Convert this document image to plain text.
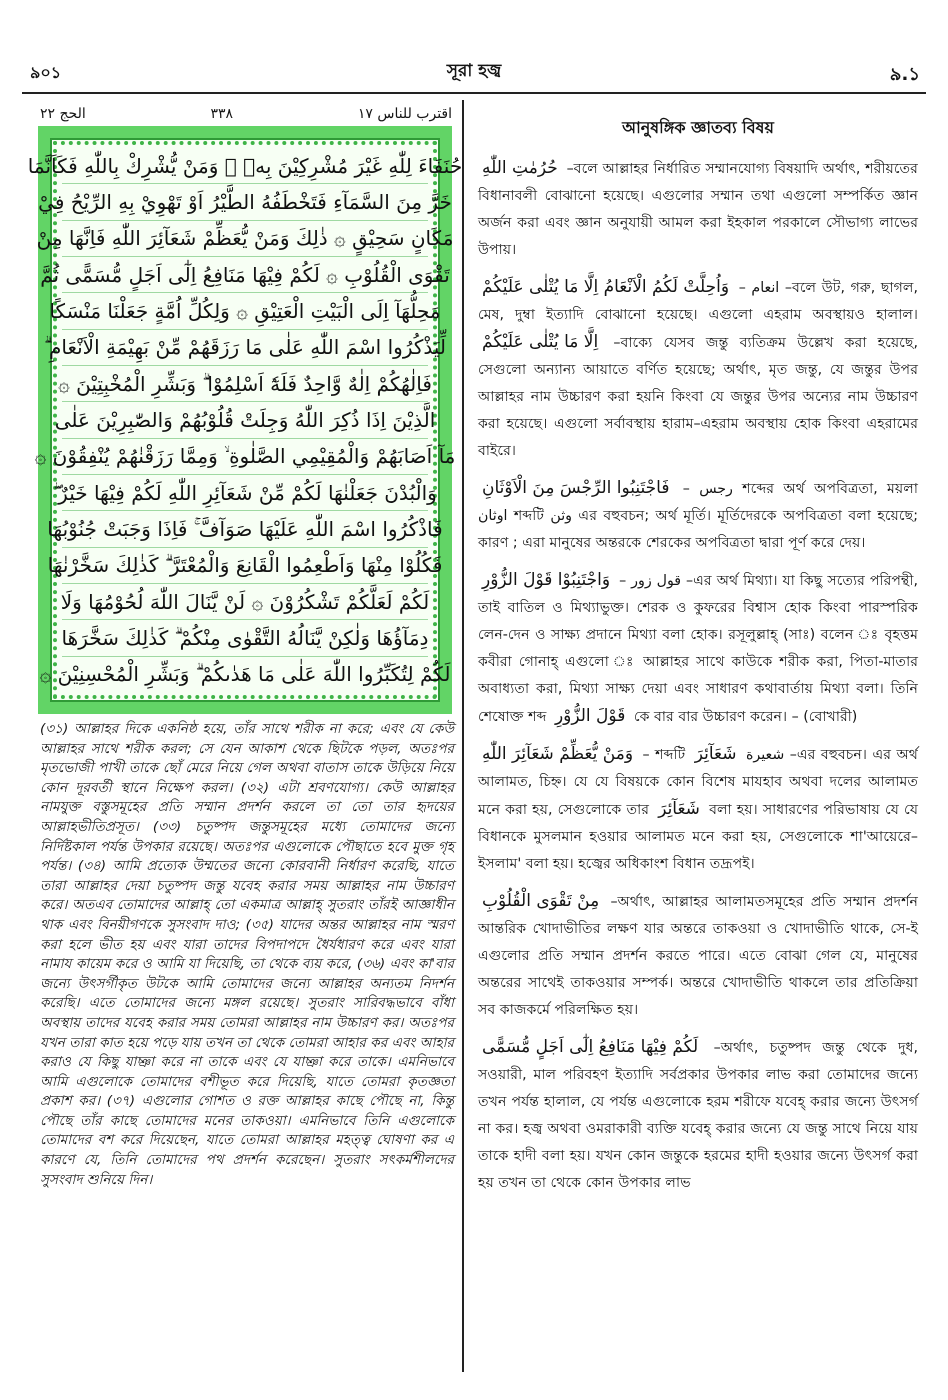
৯০১	সূরা হজ্ব	৯.১
الحج ٢٢	٣٣٨	اقترب للناس ١٧
حُنَفَاءَ لِلّٰهِ غَيْرَ مُشْرِكِيْنَ بِهٖ ۚ وَمَنْ يُّشْرِكْ بِاللّٰهِ فَكَاَنَّمَا
خَرَّ مِنَ السَّمَآءِ فَتَخْطَفُهُ الطَّيْرُ اَوْ تَهْوِيْ بِهِ الرِّيْحُ فِيْ
مَكَانٍ سَحِيْقٍ ۞ ذٰلِكَ وَمَنْ يُّعَظِّمْ شَعَآئِرَ اللّٰهِ فَاِنَّهَا مِنْ
تَقْوَى الْقُلُوْبِ ۞ لَكُمْ فِيْهَا مَنَافِعُ اِلٰٓى اَجَلٍ مُّسَمًّى ثُمَّ
مَحِلُّهَآ اِلَى الْبَيْتِ الْعَتِيْقِ ۞ وَلِكُلِّ اُمَّةٍ جَعَلْنَا مَنْسَكًا
لِّيَذْكُرُوا اسْمَ اللّٰهِ عَلٰى مَا رَزَقَهُمْ مِّنْ بَهِيْمَةِ الْاَنْعَامِ ۗ
فَاِلٰهُكُمْ اِلٰهٌ وَّاحِدٌ فَلَهٗٓ اَسْلِمُوْا ۗ وَبَشِّرِ الْمُخْبِتِيْنَ ۞
الَّذِيْنَ اِذَا ذُكِرَ اللّٰهُ وَجِلَتْ قُلُوْبُهُمْ وَالصّٰبِرِيْنَ عَلٰى
مَآ اَصَابَهُمْ وَالْمُقِيْمِي الصَّلٰوةِ ۙ وَمِمَّا رَزَقْنٰهُمْ يُنْفِقُوْنَ ۞
وَالْبُدْنَ جَعَلْنٰهَا لَكُمْ مِّنْ شَعَآئِرِ اللّٰهِ لَكُمْ فِيْهَا خَيْرٌ ۖ
فَاذْكُرُوا اسْمَ اللّٰهِ عَلَيْهَا صَوَآفَّ ۚ فَاِذَا وَجَبَتْ جُنُوْبُهَا
فَكُلُوْا مِنْهَا وَاَطْعِمُوا الْقَانِعَ وَالْمُعْتَرَّ ۗ كَذٰلِكَ سَخَّرْنٰهَا
لَكُمْ لَعَلَّكُمْ تَشْكُرُوْنَ ۞ لَنْ يَّنَالَ اللّٰهَ لُحُوْمُهَا وَلَا
دِمَآؤُهَا وَلٰكِنْ يَّنَالُهُ التَّقْوٰى مِنْكُمْ ۗ كَذٰلِكَ سَخَّرَهَا
لَكُمْ لِتُكَبِّرُوا اللّٰهَ عَلٰى مَا هَدٰىكُمْ ۗ وَبَشِّرِ الْمُحْسِنِيْنَ ۞
(৩১) আল্লাহর দিকে একনিষ্ঠ হয়ে, তাঁর সাথে শরীক না করে; এবং যে কেউ আল্লাহর সাথে শরীক করল; সে যেন আকাশ থেকে ছিটকে পড়ল, অতঃপর মৃতভোজী পাখী তাকে ছোঁ মেরে নিয়ে গেল অথবা বাতাস তাকে উড়িয়ে নিয়ে কোন দূরবর্তী স্থানে নিক্ষেপ করল। (৩২) এটা শ্রবণযোগ্য। কেউ আল্লাহর নামযুক্ত বস্তুসমূহের প্রতি সম্মান প্রদর্শন করলে তা তো তার হৃদয়ের আল্লাহভীতিপ্রসূত। (৩৩) চতুষ্পদ জন্তুসমূহের মধ্যে তোমাদের জন্যে নির্দিষ্টকাল পর্যন্ত উপকার রয়েছে। অতঃপর এগুলোকে পৌছাতে হবে মুক্ত গৃহ পর্যন্ত। (৩৪) আমি প্রত্যেক উম্মতের জন্যে কোরবানী নির্ধারণ করেছি, যাতে তারা আল্লাহর দেয়া চতুষ্পদ জন্তু যবেহ করার সময় আল্লাহর নাম উচ্চারণ করে। অতএব তোমাদের আল্লাহ্ তো একমাত্র আল্লাহ্ সুতরাং তাঁরই আজ্ঞাধীন থাক এবং বিনয়ীগণকে সুসংবাদ দাও; (৩৫) যাদের অন্তর আল্লাহর নাম স্মরণ করা হলে ভীত হয় এবং যারা তাদের বিপদাপদে ধৈর্যধারণ করে এবং যারা নামায কায়েম করে ও আমি যা দিয়েছি, তা থেকে ব্যয় করে, (৩৬) এবং কা'বার জন্যে উৎসর্গীকৃত উটকে আমি তোমাদের জন্যে আল্লাহর অন্যতম নিদর্শন করেছি। এতে তোমাদের জন্যে মঙ্গল রয়েছে। সুতরাং সারিবদ্ধভাবে বাঁধা অবস্থায় তাদের যবেহ করার সময় তোমরা আল্লাহর নাম উচ্চারণ কর। অতঃপর যখন তারা কাত হয়ে পড়ে যায় তখন তা থেকে তোমরা আহার কর এবং আহার করাও যে কিছু যাচ্ঞা করে না তাকে এবং যে যাচ্ঞা করে তাকে। এমনিভাবে আমি এগুলোকে তোমাদের বশীভূত করে দিয়েছি, যাতে তোমরা কৃতজ্ঞতা প্রকাশ কর। (৩৭) এগুলোর গোশত ও রক্ত আল্লাহর কাছে পৌছে না, কিন্তু পৌছে তাঁর কাছে তোমাদের মনের তাকওয়া। এমনিভাবে তিনি এগুলোকে তোমাদের বশ করে দিয়েছেন, যাতে তোমরা আল্লাহর মহত্ত্ব ঘোষণা কর এ কারণে যে, তিনি তোমাদের পথ প্রদর্শন করেছেন। সুতরাং সৎকর্মশীলদের সুসংবাদ শুনিয়ে দিন।
আনুষঙ্গিক জ্ঞাতব্য বিষয়
حُرُمٰتِ اللّٰهِ –বলে আল্লাহর নির্ধারিত সম্মানযোগ্য বিষয়াদি অর্থাৎ, শরীয়তের বিধানাবলী বোঝানো হয়েছে। এগুলোর সম্মান তথা এগুলো সম্পর্কিত জ্ঞান অর্জন করা এবং জ্ঞান অনুযায়ী আমল করা ইহকাল পরকালে সৌভাগ্য লাভের উপায়।
وَاُحِلَّتْ لَكُمُ الْاَنْعَامُ اِلَّا مَا يُتْلٰى عَلَيْكُمْ – انعام –বলে উট, গরু, ছাগল, মেষ, দুম্বা ইত্যাদি বোঝানো হয়েছে। এগুলো এহরাম অবস্থায়ও হালাল। اِلَّا مَا يُتْلٰى عَلَيْكُمْ –বাক্যে যেসব জন্তু ব্যতিক্রম উল্লেখ করা হয়েছে, সেগুলো অন্যান্য আয়াতে বর্ণিত হয়েছে; অর্থাৎ, মৃত জন্তু, যে জন্তুর উপর আল্লাহর নাম উচ্চারণ করা হয়নি কিংবা যে জন্তুর উপর অন্যের নাম উচ্চারণ করা হয়েছে। এগুলো সর্বাবস্থায় হারাম–এহরাম অবস্থায় হোক কিংবা এহরামের বাইরে।
فَاجْتَنِبُوا الرِّجْسَ مِنَ الْاَوْثَانِ – رجس শব্দের অর্থ অপবিত্রতা, ময়লা اوثان শব্দটি وثن এর বহুবচন; অর্থ মূর্তি। মূর্তিদেরকে অপবিত্রতা বলা হয়েছে; কারণ ; এরা মানুষের অন্তরকে শেরকের অপবিত্রতা দ্বারা পূর্ণ করে দেয়।
وَاجْتَنِبُوْا قَوْلَ الزُّوْرِ – قول زور –এর অর্থ মিথ্যা। যা কিছু সত্যের পরিপন্থী, তাই বাতিল ও মিথ্যাভুক্ত। শেরক ও কুফরের বিশ্বাস হোক কিংবা পারস্পরিক লেন-দেন ও সাক্ষ্য প্রদানে মিথ্যা বলা হোক। রসূলুল্লাহ্ (সাঃ) বলেন ঃ বৃহত্তম কবীরা গোনাহ্ এগুলো ঃ আল্লাহর সাথে কাউকে শরীক করা, পিতা-মাতার অবাধ্যতা করা, মিথ্যা সাক্ষ্য দেয়া এবং সাধারণ কথাবার্তায় মিথ্যা বলা। তিনি শেষোক্ত শব্দ قَوْلَ الزُّوْرِ কে বার বার উচ্চারণ করেন। – (বোখারী)
وَمَنْ يُّعَظِّمْ شَعَآئِرَ اللّٰهِ – শব্দটি شَعَآئِرَ شعيرة –এর বহুবচন। এর অর্থ আলামত, চিহ্ন। যে যে বিষয়কে কোন বিশেষ মাযহাব অথবা দলের আলামত মনে করা হয়, সেগুলোকে তার شَعَآئِرَ বলা হয়। সাধারণের পরিভাষায় যে যে বিধানকে মুসলমান হওয়ার আলামত মনে করা হয়, সেগুলোকে শা'আয়েরে–ইসলাম' বলা হয়। হজ্বের অধিকাংশ বিধান তদ্রূপই।
مِنْ تَقْوَى الْقُلُوْبِ –অর্থাৎ, আল্লাহর আলামতসমূহের প্রতি সম্মান প্রদর্শন আন্তরিক খোদাভীতির লক্ষণ যার অন্তরে তাকওয়া ও খোদাভীতি থাকে, সে-ই এগুলোর প্রতি সম্মান প্রদর্শন করতে পারে। এতে বোঝা গেল যে, মানুষের অন্তরের সাথেই তাকওয়ার সম্পর্ক। অন্তরে খোদাভীতি থাকলে তার প্রতিক্রিয়া সব কাজকর্মে পরিলক্ষিত হয়।
لَكُمْ فِيْهَا مَنَافِعُ اِلٰٓى اَجَلٍ مُّسَمًّى –অর্থাৎ, চতুষ্পদ জন্তু থেকে দুধ, সওয়ারী, মাল পরিবহণ ইত্যাদি সর্বপ্রকার উপকার লাভ করা তোমাদের জন্যে তখন পর্যন্ত হালাল, যে পর্যন্ত এগুলোকে হরম শরীফে যবেহ্ করার জন্যে উৎসর্গ না কর। হজ্ব অথবা ওমরাকারী ব্যক্তি যবেহ্ করার জন্যে যে জন্তু সাথে নিয়ে যায় তাকে হাদী বলা হয়। যখন কোন জন্তুকে হরমের হাদী হওয়ার জন্যে উৎসর্গ করা হয় তখন তা থেকে কোন উপকার লাভ
